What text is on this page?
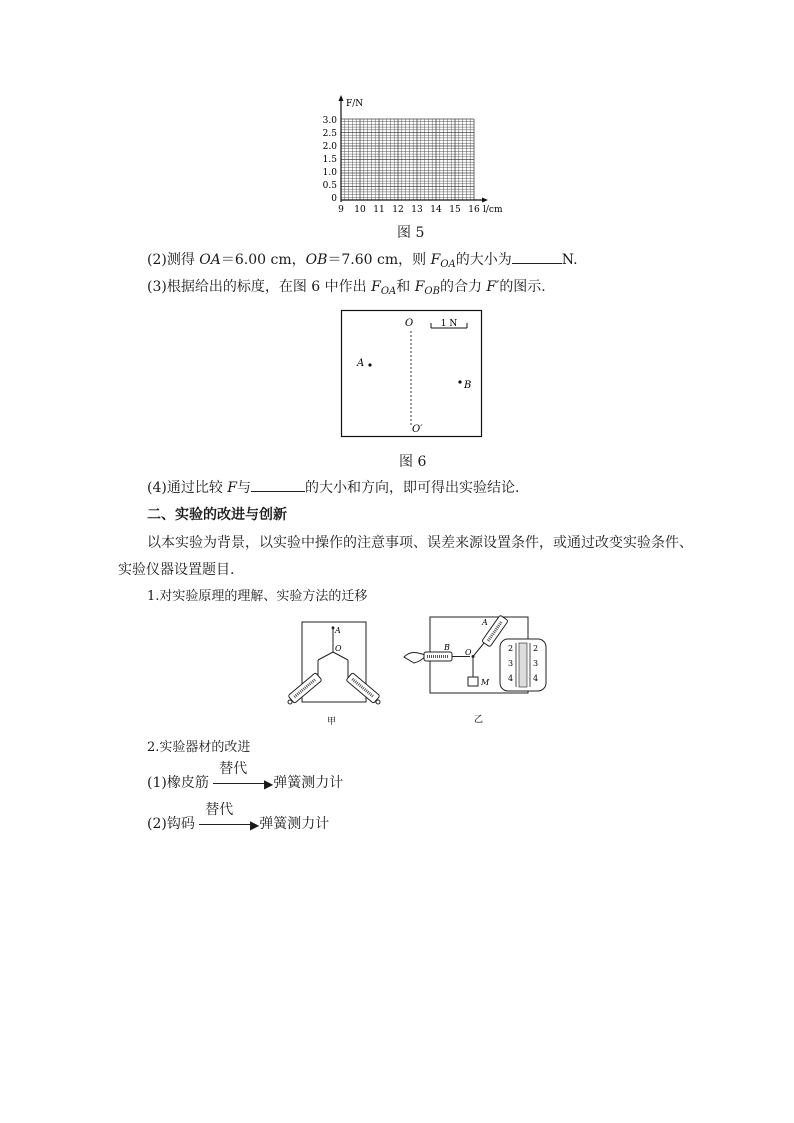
F/N
l/cm
3.0
2.5
2.0
1.5
1.0
0.5
0
9 10 11 12 13 14 15 16
图 5
(2)测得 OA＝6.00 cm，OB＝7.60 cm，则 $F_{OA}$的大小为	N.
(3)根据给出的标度，在图 6 中作出 $F_{OA}$和 $F_{OB}$的合力 F′的图示.
O
O′
A
B
1 N
图 6
(4)通过比较 F与	的大小和方向，即可得出实验结论.
二、实验的改进与创新
以本实验为背景，以实验中操作的注意事项、误差来源设置条件，或通过改变实验条件、
实验仪器设置题目.
1.对实验原理的理解、实验方法的迁移
A
O
甲
B
O
A
M
2
3
4
2
3
4
乙
2.实验器材的改进
(1)橡皮筋
替代
▶ 弹簧测力计
(2)钩码
替代
▶ 弹簧测力计
